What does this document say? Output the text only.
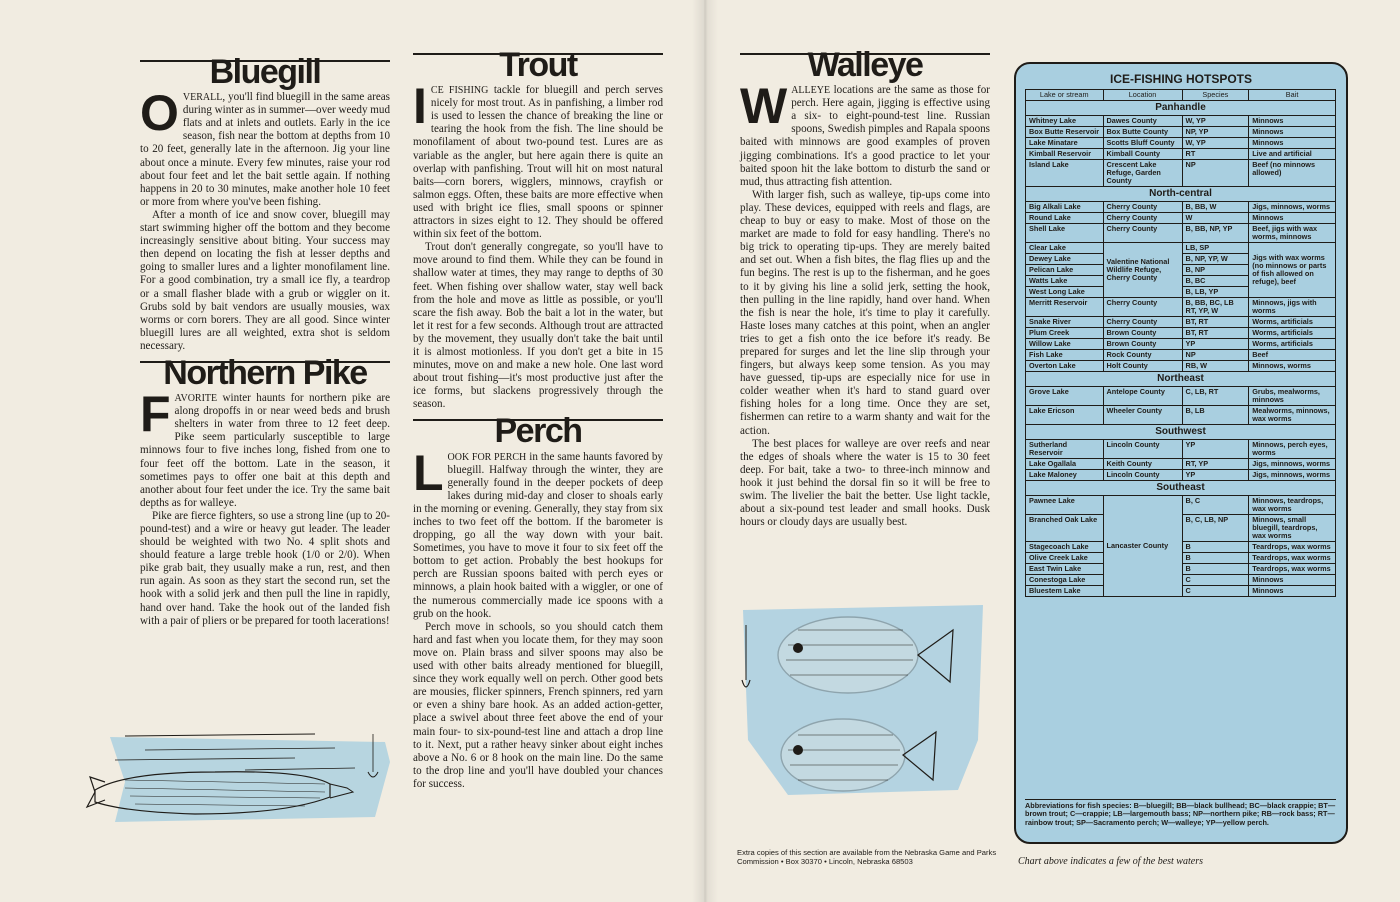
Bluegill

OVERALL, you'll find bluegill in the same areas during winter as in summer—over weedy mud flats and at inlets and outlets. Early in the ice season, fish near the bottom at depths from 10 to 20 feet, generally late in the afternoon. Jig your line about once a minute. Every few minutes, raise your rod about four feet and let the bait settle again. If nothing happens in 20 to 30 minutes, make another hole 10 feet or more from where you've been fishing.

After a month of ice and snow cover, bluegill may start swimming higher off the bottom and they become increasingly sensitive about biting. Your success may then depend on locating the fish at lesser depths and going to smaller lures and a lighter monofilament line. For a good combination, try a small ice fly, a teardrop or a small flasher blade with a grub or wiggler on it. Grubs sold by bait vendors are usually mousies, wax worms or corn borers. They are all good. Since winter bluegill lures are all weighted, extra shot is seldom necessary.

Northern Pike

FAVORITE winter haunts for northern pike are along dropoffs in or near weed beds and brush shelters in water from three to 12 feet deep. Pike seem particularly susceptible to large minnows four to five inches long, fished from one to four feet off the bottom. Late in the season, it sometimes pays to offer one bait at this depth and another about four feet under the ice. Try the same bait depths as for walleye.

Pike are fierce fighters, so use a strong line (up to 20-pound-test) and a wire or heavy gut leader. The leader should be weighted with two No. 4 split shots and should feature a large treble hook (1/0 or 2/0). When pike grab bait, they usually make a run, rest, and then run again. As soon as they start the second run, set the hook with a solid jerk and then pull the line in rapidly, hand over hand. Take the hook out of the landed fish with a pair of pliers or be prepared for tooth lacerations!

Trout

ICE FISHING tackle for bluegill and perch serves nicely for most trout. As in panfishing, a limber rod is used to lessen the chance of breaking the line or tearing the hook from the fish. The line should be monofilament of about two-pound test. Lures are as variable as the angler, but here again there is quite an overlap with panfishing. Trout will hit on most natural baits—corn borers, wigglers, minnows, crayfish or salmon eggs. Often, these baits are more effective when used with bright ice flies, small spoons or spinner attractors in sizes eight to 12. They should be offered within six feet of the bottom.

Trout don't generally congregate, so you'll have to move around to find them. While they can be found in shallow water at times, they may range to depths of 30 feet. When fishing over shallow water, stay well back from the hole and move as little as possible, or you'll scare the fish away. Bob the bait a lot in the water, but let it rest for a few seconds. Although trout are attracted by the movement, they usually don't take the bait until it is almost motionless. If you don't get a bite in 15 minutes, move on and make a new hole. One last word about trout fishing—it's most productive just after the ice forms, but slackens progressively through the season.

Perch

LOOK FOR PERCH in the same haunts favored by bluegill. Halfway through the winter, they are generally found in the deeper pockets of deep lakes during mid-day and closer to shoals early in the morning or evening. Generally, they stay from six inches to two feet off the bottom. If the barometer is dropping, go all the way down with your bait. Sometimes, you have to move it four to six feet off the bottom to get action. Probably the best hookups for perch are Russian spoons baited with perch eyes or minnows, a plain hook baited with a wiggler, or one of the numerous commercially made ice spoons with a grub on the hook.

Perch move in schools, so you should catch them hard and fast when you locate them, for they may soon move on. Plain brass and silver spoons may also be used with other baits already mentioned for bluegill, since they work equally well on perch. Other good bets are mousies, flicker spinners, French spinners, red yarn or even a shiny bare hook. As an added action-getter, place a swivel about three feet above the end of your main four- to six-pound-test line and attach a drop line to it. Next, put a rather heavy sinker about eight inches above a No. 6 or 8 hook on the main line. Do the same to the drop line and you'll have doubled your chances for success.

Walleye

WALLEYE locations are the same as those for perch. Here again, jigging is effective using a six- to eight-pound-test line. Russian spoons, Swedish pimples and Rapala spoons baited with minnows are good examples of proven jigging combinations. It's a good practice to let your baited spoon hit the lake bottom to disturb the sand or mud, thus attracting fish attention.

With larger fish, such as walleye, tip-ups come into play. These devices, equipped with reels and flags, are cheap to buy or easy to make. Most of those on the market are made to fold for easy handling. There's no big trick to operating tip-ups. They are merely baited and set out. When a fish bites, the flag flies up and the fun begins. The rest is up to the fisherman, and he goes to it by giving his line a solid jerk, setting the hook, then pulling in the line rapidly, hand over hand. When the fish is near the hole, it's time to play it carefully. Haste loses many catches at this point, when an angler tries to get a fish onto the ice before it's ready. Be prepared for surges and let the line slip through your fingers, but always keep some tension. As you may have guessed, tip-ups are especially nice for use in colder weather when it's hard to stand guard over fishing holes for a long time. Once they are set, fishermen can retire to a warm shanty and wait for the action.

The best places for walleye are over reefs and near the edges of shoals where the water is 15 to 30 feet deep. For bait, take a two- to three-inch minnow and hook it just behind the dorsal fin so it will be free to swim. The livelier the bait the better. Use light tackle, about a six-pound test leader and small hooks. Dusk hours or cloudy days are usually best.

Extra copies of this section are available from the Nebraska Game and Parks Commission • Box 30370 • Lincoln, Nebraska 68503	Chart above indicates a few of the best waters
ICE-FISHING HOTSPOTS
Lake or stream	Location	Species	Bait
Panhandle			
Whitney Lake	Dawes County	W, YP	Minnows
Box Butte Reservoir	Box Butte County	NP, YP	Minnows
Lake Minatare	Scotts Bluff County	W, YP	Minnows
Kimball Reservoir	Kimball County	RT	Live and artificial
Island Lake	Crescent Lake Refuge, Garden County	NP	Beef (no minnows allowed)
North-central			
Big Alkali Lake	Cherry County	B, BB, W	Jigs, minnows, worms
Round Lake	Cherry County	W	Minnows
Shell Lake	Cherry County	B, BB, NP, YP	Beef, jigs with wax worms, minnows
Clear Lake	Valentine National Wildlife Refuge, Cherry County	LB, SP	Jigs with wax worms (no minnows or parts of fish allowed on refuge), beef
Dewey Lake		B, NP, YP, W	
Pelican Lake		B, NP	
Watts Lake		B, BC	
West Long Lake		B, LB, YP	
Merritt Reservoir	Cherry County	B, BB, BC, LB RT, YP, W	Minnows, jigs with worms
Snake River	Cherry County	BT, RT	Worms, artificials
Plum Creek	Brown County	BT, RT	Worms, artificials
Willow Lake	Brown County	YP	Worms, artificials
Fish Lake	Rock County	NP	Beef
Overton Lake	Holt County	RB, W	Minnows, worms
Northeast			
Grove Lake	Antelope County	C, LB, RT	Grubs, mealworms, minnows
Lake Ericson	Wheeler County	B, LB	Mealworms, minnows, wax worms
Southwest			
Sutherland Reservoir	Lincoln County	YP	Minnows, perch eyes, worms
Lake Ogallala	Keith County	RT, YP	Jigs, minnows, worms
Lake Maloney	Lincoln County	YP	Jigs, minnows, worms
Southeast			
Pawnee Lake	Lancaster County	B, C	Minnows, teardrops, wax worms
Branched Oak Lake		B, C, LB, NP	Minnows, small bluegill, teardrops, wax worms
Stagecoach Lake		B	Teardrops, wax worms
Olive Creek Lake		B	Teardrops, wax worms
East Twin Lake		B	Teardrops, wax worms
Conestoga Lake		C	Minnows
Bluestem Lake		C	Minnows
Abbreviations for fish species: B—bluegill; BB—black bullhead; BC—black crappie; BT—brown trout; C—crappie; LB—largemouth bass; NP—northern pike; RB—rock bass; RT—rainbow trout; SP—Sacramento perch; W—walleye; YP—yellow perch.
